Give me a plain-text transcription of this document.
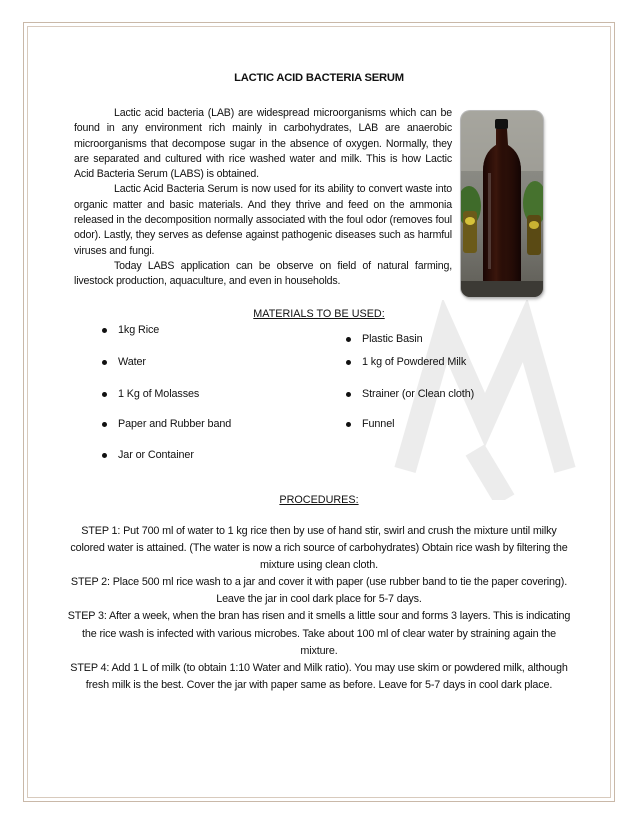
LACTIC ACID BACTERIA SERUM

Lactic acid bacteria (LAB) are widespread microorganisms which can be found in any environment rich mainly in carbohydrates, LAB are anaerobic microorganisms that decompose sugar in the absence of oxygen. Normally, they are separated and cultured with rice washed water and milk. This is how Lactic Acid Bacteria Serum (LABS) is obtained.

Lactic Acid Bacteria Serum is now used for its ability to convert waste into organic matter and basic materials. And they thrive and feed on the ammonia released in the decomposition normally associated with the foul odor (removes foul odor). Lastly, they serves as defense against pathogenic diseases such as harmful viruses and fungi.

Today LABS application can be observe on field of natural farming, livestock production, aquaculture, and even in households.

MATERIALS TO BE USED:
1kg Rice
Water
1 Kg of Molasses
Paper and Rubber band
Jar or Container
Plastic Basin
1 kg of Powdered Milk
Strainer (or Clean cloth)
Funnel
PROCEDURES:

STEP 1: Put 700 ml of water to 1 kg rice then by use of hand stir, swirl and crush the mixture until milky colored water is attained. (The water is now a rich source of carbohydrates) Obtain rice wash by filtering the mixture using clean cloth.

STEP 2: Place 500 ml rice wash to a jar and cover it with paper (use rubber band to tie the paper covering). Leave the jar in cool dark place for 5-7 days.

STEP 3: After a week, when the bran has risen and it smells a little sour and forms 3 layers. This is indicating the rice wash is infected with various microbes. Take about 100 ml of clear water by straining again the mixture.

STEP 4: Add 1 L of milk (to obtain 1:10 Water and Milk ratio). You may use skim or powdered milk, although fresh milk is the best. Cover the jar with paper same as before. Leave for 5-7 days in cool dark place.
